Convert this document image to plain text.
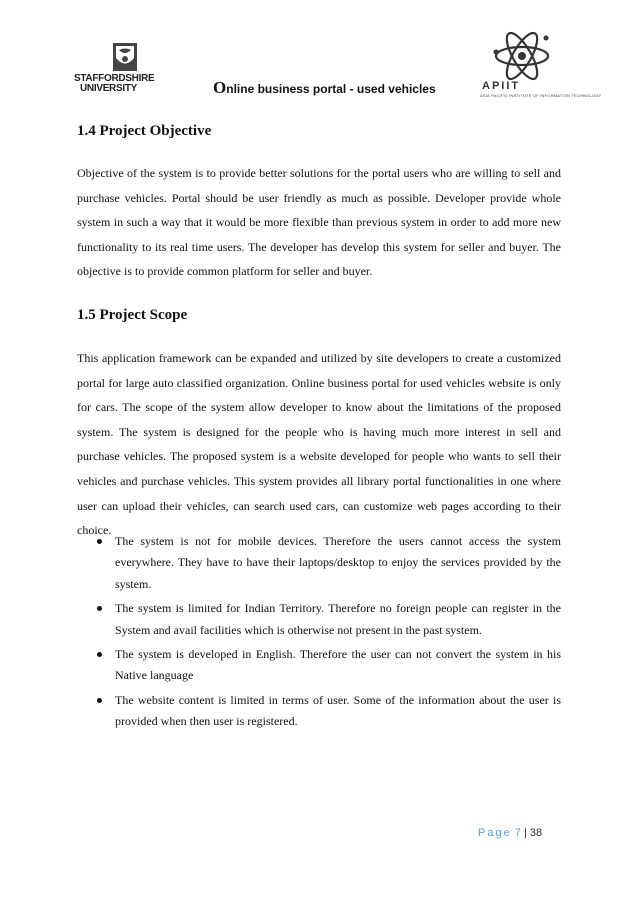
STAFFORDSHIRE
UNIVERSITY	Online business portal - used vehicles	APIIT
ASIA PACIFIC INSTITUTE OF INFORMATION TECHNOLOGY
1.4 Project Objective

Objective of the system is to provide better solutions for the portal users who are willing to sell and purchase vehicles. Portal should be user friendly as much as possible. Developer provide whole system in such a way that it would be more flexible than previous system in order to add more new functionality to its real time users. The developer has develop this system for seller and buyer. The objective is to provide common platform for seller and buyer.

1.5 Project Scope

This application framework can be expanded and utilized by site developers to create a customized portal for large auto classified organization. Online business portal for used vehicles website is only for cars. The scope of the system allow developer to know about the limitations of the proposed system. The system is designed for the people who is having much more interest in sell and purchase vehicles. The proposed system is a website developed for people who wants to sell their vehicles and purchase vehicles. This system provides all library portal functionalities in one where user can upload their vehicles, can search used cars, can customize web pages according to their choice.

The system is not for mobile devices. Therefore the users cannot access the system everywhere. They have to have their laptops/desktop to enjoy the services provided by the system.
The system is limited for Indian Territory. Therefore no foreign people can register in the System and avail facilities which is otherwise not present in the past system.
The system is developed in English. Therefore the user can not convert the system in his Native language
The website content is limited in terms of user. Some of the information about the user is provided when then user is registered.
Page 7 | 38
